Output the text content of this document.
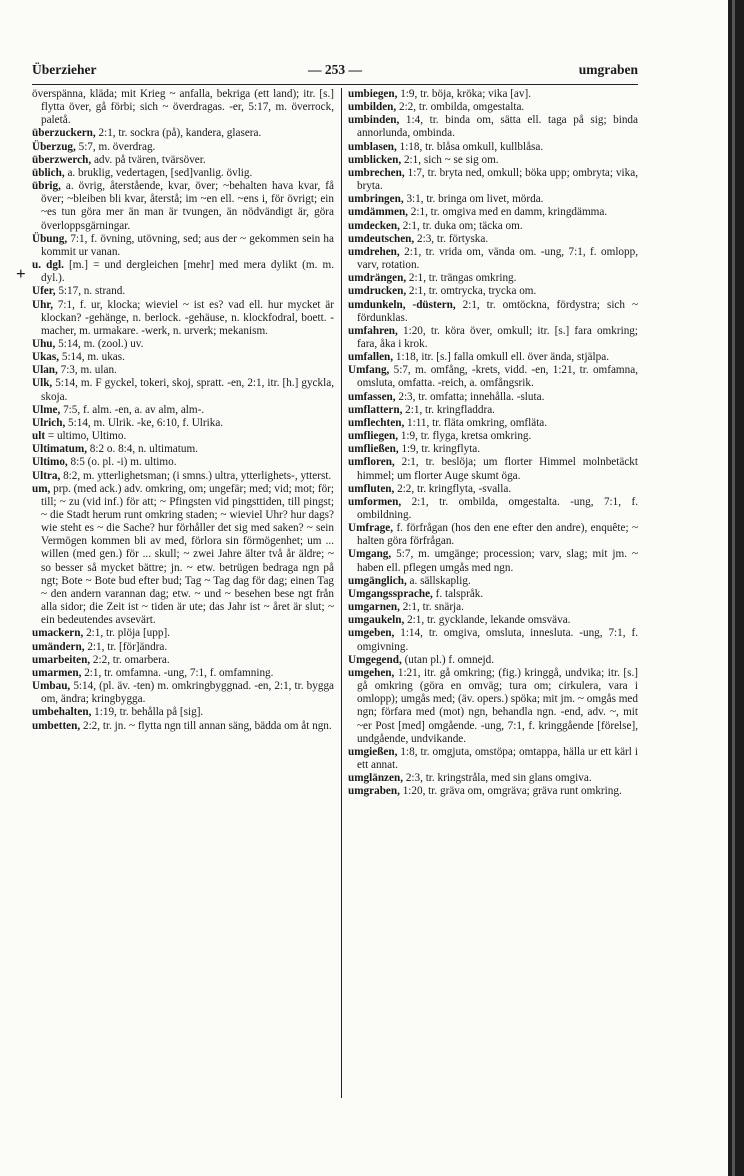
Überzieher	— 253 —	umgraben
+

överspänna, kläda; mit Krieg ~ anfalla, bekriga (ett land); itr. [s.] flytta över, gå förbi; sich ~ överdragas. -er, 5:17, m. överrock, paletå.

überzuckern, 2:1, tr. sockra (på), kandera, glasera.

Überzug, 5:7, m. överdrag.

überzwerch, adv. på tvären, tvärsöver.

üblich, a. bruklig, vedertagen, [sed]vanlig. övlig.

übrig, a. övrig, återstående, kvar, över; ~behalten hava kvar, få över; ~bleiben bli kvar, återstå; im ~en ell. ~ens i, för övrigt; ein ~es tun göra mer än man är tvungen, än nödvändigt är, göra överloppsgärningar.

Übung, 7:1, f. övning, utövning, sed; aus der ~ gekommen sein ha kommit ur vanan.

u. dgl. [m.] = und dergleichen [mehr] med mera dylikt (m. m. dyl.).

Ufer, 5:17, n. strand.

Uhr, 7:1, f. ur, klocka; wieviel ~ ist es? vad ell. hur mycket är klockan? -gehänge, n. berlock. -gehäuse, n. klockfodral, boett. -macher, m. urmakare. -werk, n. urverk; mekanism.

Uhu, 5:14, m. (zool.) uv.

Ukas, 5:14, m. ukas.

Ulan, 7:3, m. ulan.

Ulk, 5:14, m. F gyckel, tokeri, skoj, spratt. -en, 2:1, itr. [h.] gyckla, skoja.

Ulme, 7:5, f. alm. -en, a. av alm, alm-.

Ulrich, 5:14, m. Ulrik. -ke, 6:10, f. Ulrika.

ult = ultimo, Ultimo.

Ultimatum, 8:2 o. 8:4, n. ultimatum.

Ultimo, 8:5 (o. pl. -i) m. ultimo.

Ultra, 8:2, m. ytterlighetsman; (i smns.) ultra, ytterlighets-, ytterst.

um, prp. (med ack.) adv. omkring, om; ungefär; med; vid; mot; för; till; ~ zu (vid inf.) för att; ~ Pfingsten vid pingsttiden, till pingst; ~ die Stadt herum runt omkring staden; ~ wieviel Uhr? hur dags? wie steht es ~ die Sache? hur förhåller det sig med saken? ~ sein Vermögen kommen bli av med, förlora sin förmögenhet; um ... willen (med gen.) för ... skull; ~ zwei Jahre älter två år äldre; ~ so besser så mycket bättre; jn. ~ etw. betrügen bedraga ngn på ngt; Bote ~ Bote bud efter bud; Tag ~ Tag dag för dag; einen Tag ~ den andern varannan dag; etw. ~ und ~ besehen bese ngt från alla sidor; die Zeit ist ~ tiden är ute; das Jahr ist ~ året är slut; ~ ein bedeutendes avsevärt.

umackern, 2:1, tr. plöja [upp].

umändern, 2:1, tr. [för]ändra.

umarbeiten, 2:2, tr. omarbera.

umarmen, 2:1, tr. omfamna. -ung, 7:1, f. omfamning.

Umbau, 5:14, (pl. äv. -ten) m. omkringbyggnad. -en, 2:1, tr. bygga om, ändra; kringbygga.

umbehalten, 1:19, tr. behålla på [sig].

umbetten, 2:2, tr. jn. ~ flytta ngn till annan säng, bädda om åt ngn.

umbiegen, 1:9, tr. böja, kröka; vika [av].

umbilden, 2:2, tr. ombilda, omgestalta.

umbinden, 1:4, tr. binda om, sätta ell. taga på sig; binda annorlunda, ombinda.

umblasen, 1:18, tr. blåsa omkull, kullblåsa.

umblicken, 2:1, sich ~ se sig om.

umbrechen, 1:7, tr. bryta ned, omkull; böka upp; ombryta; vika, bryta.

umbringen, 3:1, tr. bringa om livet, mörda.

umdämmen, 2:1, tr. omgiva med en damm, kringdämma.

umdecken, 2:1, tr. duka om; täcka om.

umdeutschen, 2:3, tr. förtyska.

umdrehen, 2:1, tr. vrida om, vända om. -ung, 7:1, f. omlopp, varv, rotation.

umdrängen, 2:1, tr. trängas omkring.

umdrucken, 2:1, tr. omtrycka, trycka om.

umdunkeln, -düstern, 2:1, tr. omtöckna, fördystra; sich ~ fördunklas.

umfahren, 1:20, tr. köra över, omkull; itr. [s.] fara omkring; fara, åka i krok.

umfallen, 1:18, itr. [s.] falla omkull ell. över ända, stjälpa.

Umfang, 5:7, m. omfång, -krets, vidd. -en, 1:21, tr. omfamna, omsluta, omfatta. -reich, a. omfångsrik.

umfassen, 2:3, tr. omfatta; innehålla. -sluta.

umflattern, 2:1, tr. kringfladdra.

umflechten, 1:11, tr. fläta omkring, omfläta.

umfliegen, 1:9, tr. flyga, kretsa omkring.

umfließen, 1:9, tr. kringflyta.

umfloren, 2:1, tr. beslöja; um florter Himmel molnbetäckt himmel; um florter Auge skumt öga.

umfluten, 2:2, tr. kringflyta, -svalla.

umformen, 2:1, tr. ombilda, omgestalta. -ung, 7:1, f. ombildning.

Umfrage, f. förfrågan (hos den ene efter den andre), enquête; ~ halten göra förfrågan.

Umgang, 5:7, m. umgänge; procession; varv, slag; mit jm. ~ haben ell. pflegen umgås med ngn.

umgänglich, a. sällskaplig.

Umgangssprache, f. talspråk.

umgarnen, 2:1, tr. snärja.

umgaukeln, 2:1, tr. gycklande, lekande omsväva.

umgeben, 1:14, tr. omgiva, omsluta, innesluta. -ung, 7:1, f. omgivning.

Umgegend, (utan pl.) f. omnejd.

umgehen, 1:21, itr. gå omkring; (fig.) kringgå, undvika; itr. [s.] gå omkring (göra en omväg; tura om; cirkulera, vara i omlopp); umgås med; (äv. opers.) spöka; mit jm. ~ omgås med ngn; förfara med (mot) ngn, behandla ngn. -end, adv. ~, mit ~er Post [med] omgående. -ung, 7:1, f. kringgående [förelse], undgående, undvikande.

umgießen, 1:8, tr. omgjuta, omstöpa; omtappa, hälla ur ett kärl i ett annat.

umglänzen, 2:3, tr. kringstråla, med sin glans omgiva.

umgraben, 1:20, tr. gräva om, omgräva; gräva runt omkring.
